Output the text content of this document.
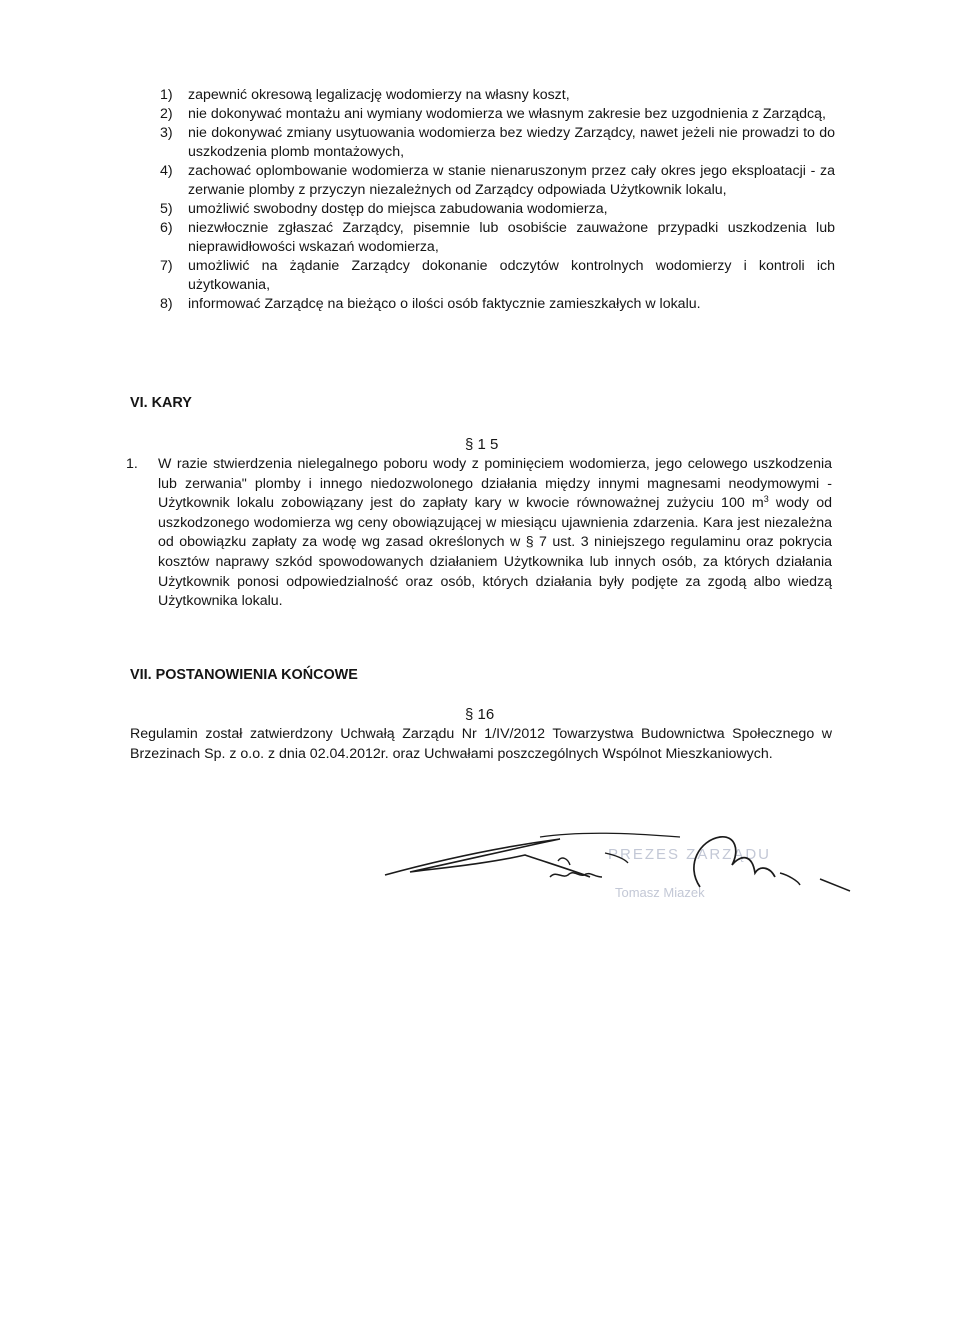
1) zapewnić okresową legalizację wodomierzy na własny koszt,
2) nie dokonywać montażu ani wymiany wodomierza we własnym zakresie bez uzgodnienia z Zarządcą,
3) nie dokonywać zmiany usytuowania wodomierza bez wiedzy Zarządcy, nawet jeżeli nie prowadzi to do uszkodzenia plomb montażowych,
4) zachować oplombowanie wodomierza w stanie nienaruszonym przez cały okres jego eksploatacji - za zerwanie plomby z przyczyn niezależnych od Zarządcy odpowiada Użytkownik lokalu,
5) umożliwić swobodny dostęp do miejsca zabudowania wodomierza,
6) niezwłocznie zgłaszać Zarządcy, pisemnie lub osobiście zauważone przypadki uszkodzenia lub nieprawidłowości wskazań wodomierza,
7) umożliwić na żądanie Zarządcy dokonanie odczytów kontrolnych wodomierzy i kontroli ich użytkowania,
8) informować Zarządcę na bieżąco o ilości osób faktycznie zamieszkałych w lokalu.
VI. KARY
§ 1 5
1. W razie stwierdzenia nielegalnego poboru wody z pominięciem wodomierza, jego celowego uszkodzenia lub zerwania" plomby i innego niedozwolonego działania między innymi magnesami neodymowymi - Użytkownik lokalu zobowiązany jest do zapłaty kary w kwocie równoważnej zużyciu 100 $m^3$ wody od uszkodzonego wodomierza wg ceny obowiązującej w miesiącu ujawnienia zdarzenia. Kara jest niezależna od obowiązku zapłaty za wodę wg zasad określonych w § 7 ust. 3 niniejszego regulaminu oraz pokrycia kosztów naprawy szkód spowodowanych działaniem Użytkownika lub innych osób, za których działania Użytkownik ponosi odpowiedzialność oraz osób, których działania były podjęte za zgodą albo wiedzą Użytkownika lokalu.
VII. POSTANOWIENIA KOŃCOWE
§ 16
Regulamin został zatwierdzony Uchwałą Zarządu Nr 1/IV/2012 Towarzystwa Budownictwa Społecznego w Brzezinach Sp. z o.o. z dnia 02.04.2012r. oraz Uchwałami poszczególnych Wspólnot Mieszkaniowych.
PREZES ZARZĄDU
Tomasz Miazek
